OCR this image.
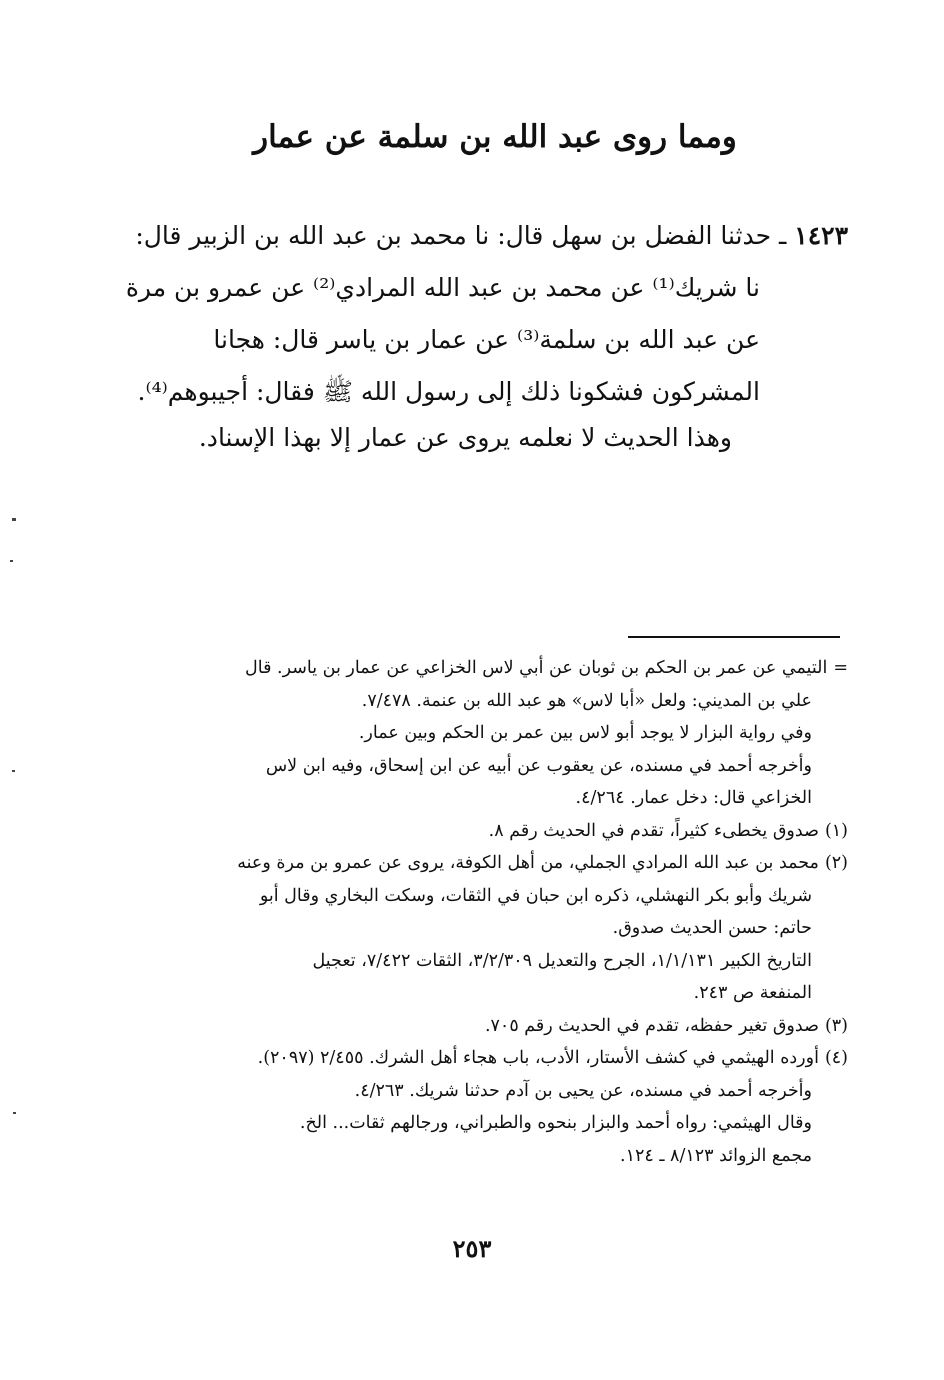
ومما روى عبد الله بن سلمة عن عمار
١٤٢٣ ـ حدثنا الفضل بن سهل قال: نا محمد بن عبد الله بن الزبير قال:
نا شريك⁽¹⁾ عن محمد بن عبد الله المرادي⁽²⁾ عن عمرو بن مرة
عن عبد الله بن سلمة⁽³⁾ عن عمار بن ياسر قال: هجانا
المشركون فشكونا ذلك إلى رسول الله ﷺ فقال: أجيبوهم⁽⁴⁾.
وهذا الحديث لا نعلمه يروى عن عمار إلا بهذا الإسناد.
=التيمي عن عمر بن الحكم بن ثوبان عن أبي لاس الخزاعي عن عمار بن ياسر. قال
علي بن المديني: ولعل «أبا لاس» هو عبد الله بن عنمة. ٧/٤٧٨.
وفي رواية البزار لا يوجد أبو لاس بين عمر بن الحكم وبين عمار.
وأخرجه أحمد في مسنده، عن يعقوب عن أبيه عن ابن إسحاق، وفيه ابن لاس
الخزاعي قال: دخل عمار. ٤/٢٦٤.
(١)صدوق يخطىء كثيراً، تقدم في الحديث رقم ٨.
(٢)محمد بن عبد الله المرادي الجملي، من أهل الكوفة، يروى عن عمرو بن مرة وعنه
شريك وأبو بكر النهشلي، ذكره ابن حبان في الثقات، وسكت البخاري وقال أبو
حاتم: حسن الحديث صدوق.
التاريخ الكبير ١/١/١٣١، الجرح والتعديل ٣/٢/٣٠٩، الثقات ٧/٤٢٢، تعجيل
المنفعة ص ٢٤٣.
(٣)صدوق تغير حفظه، تقدم في الحديث رقم ٧٠٥.
(٤)أورده الهيثمي في كشف الأستار، الأدب، باب هجاء أهل الشرك. ٢/٤٥٥ (٢٠٩٧).
وأخرجه أحمد في مسنده، عن يحيى بن آدم حدثنا شريك. ٤/٢٦٣.
وقال الهيثمي: رواه أحمد والبزار بنحوه والطبراني، ورجالهم ثقات... الخ.
مجمع الزوائد ٨/١٢٣ ـ ١٢٤.
٢٥٣
